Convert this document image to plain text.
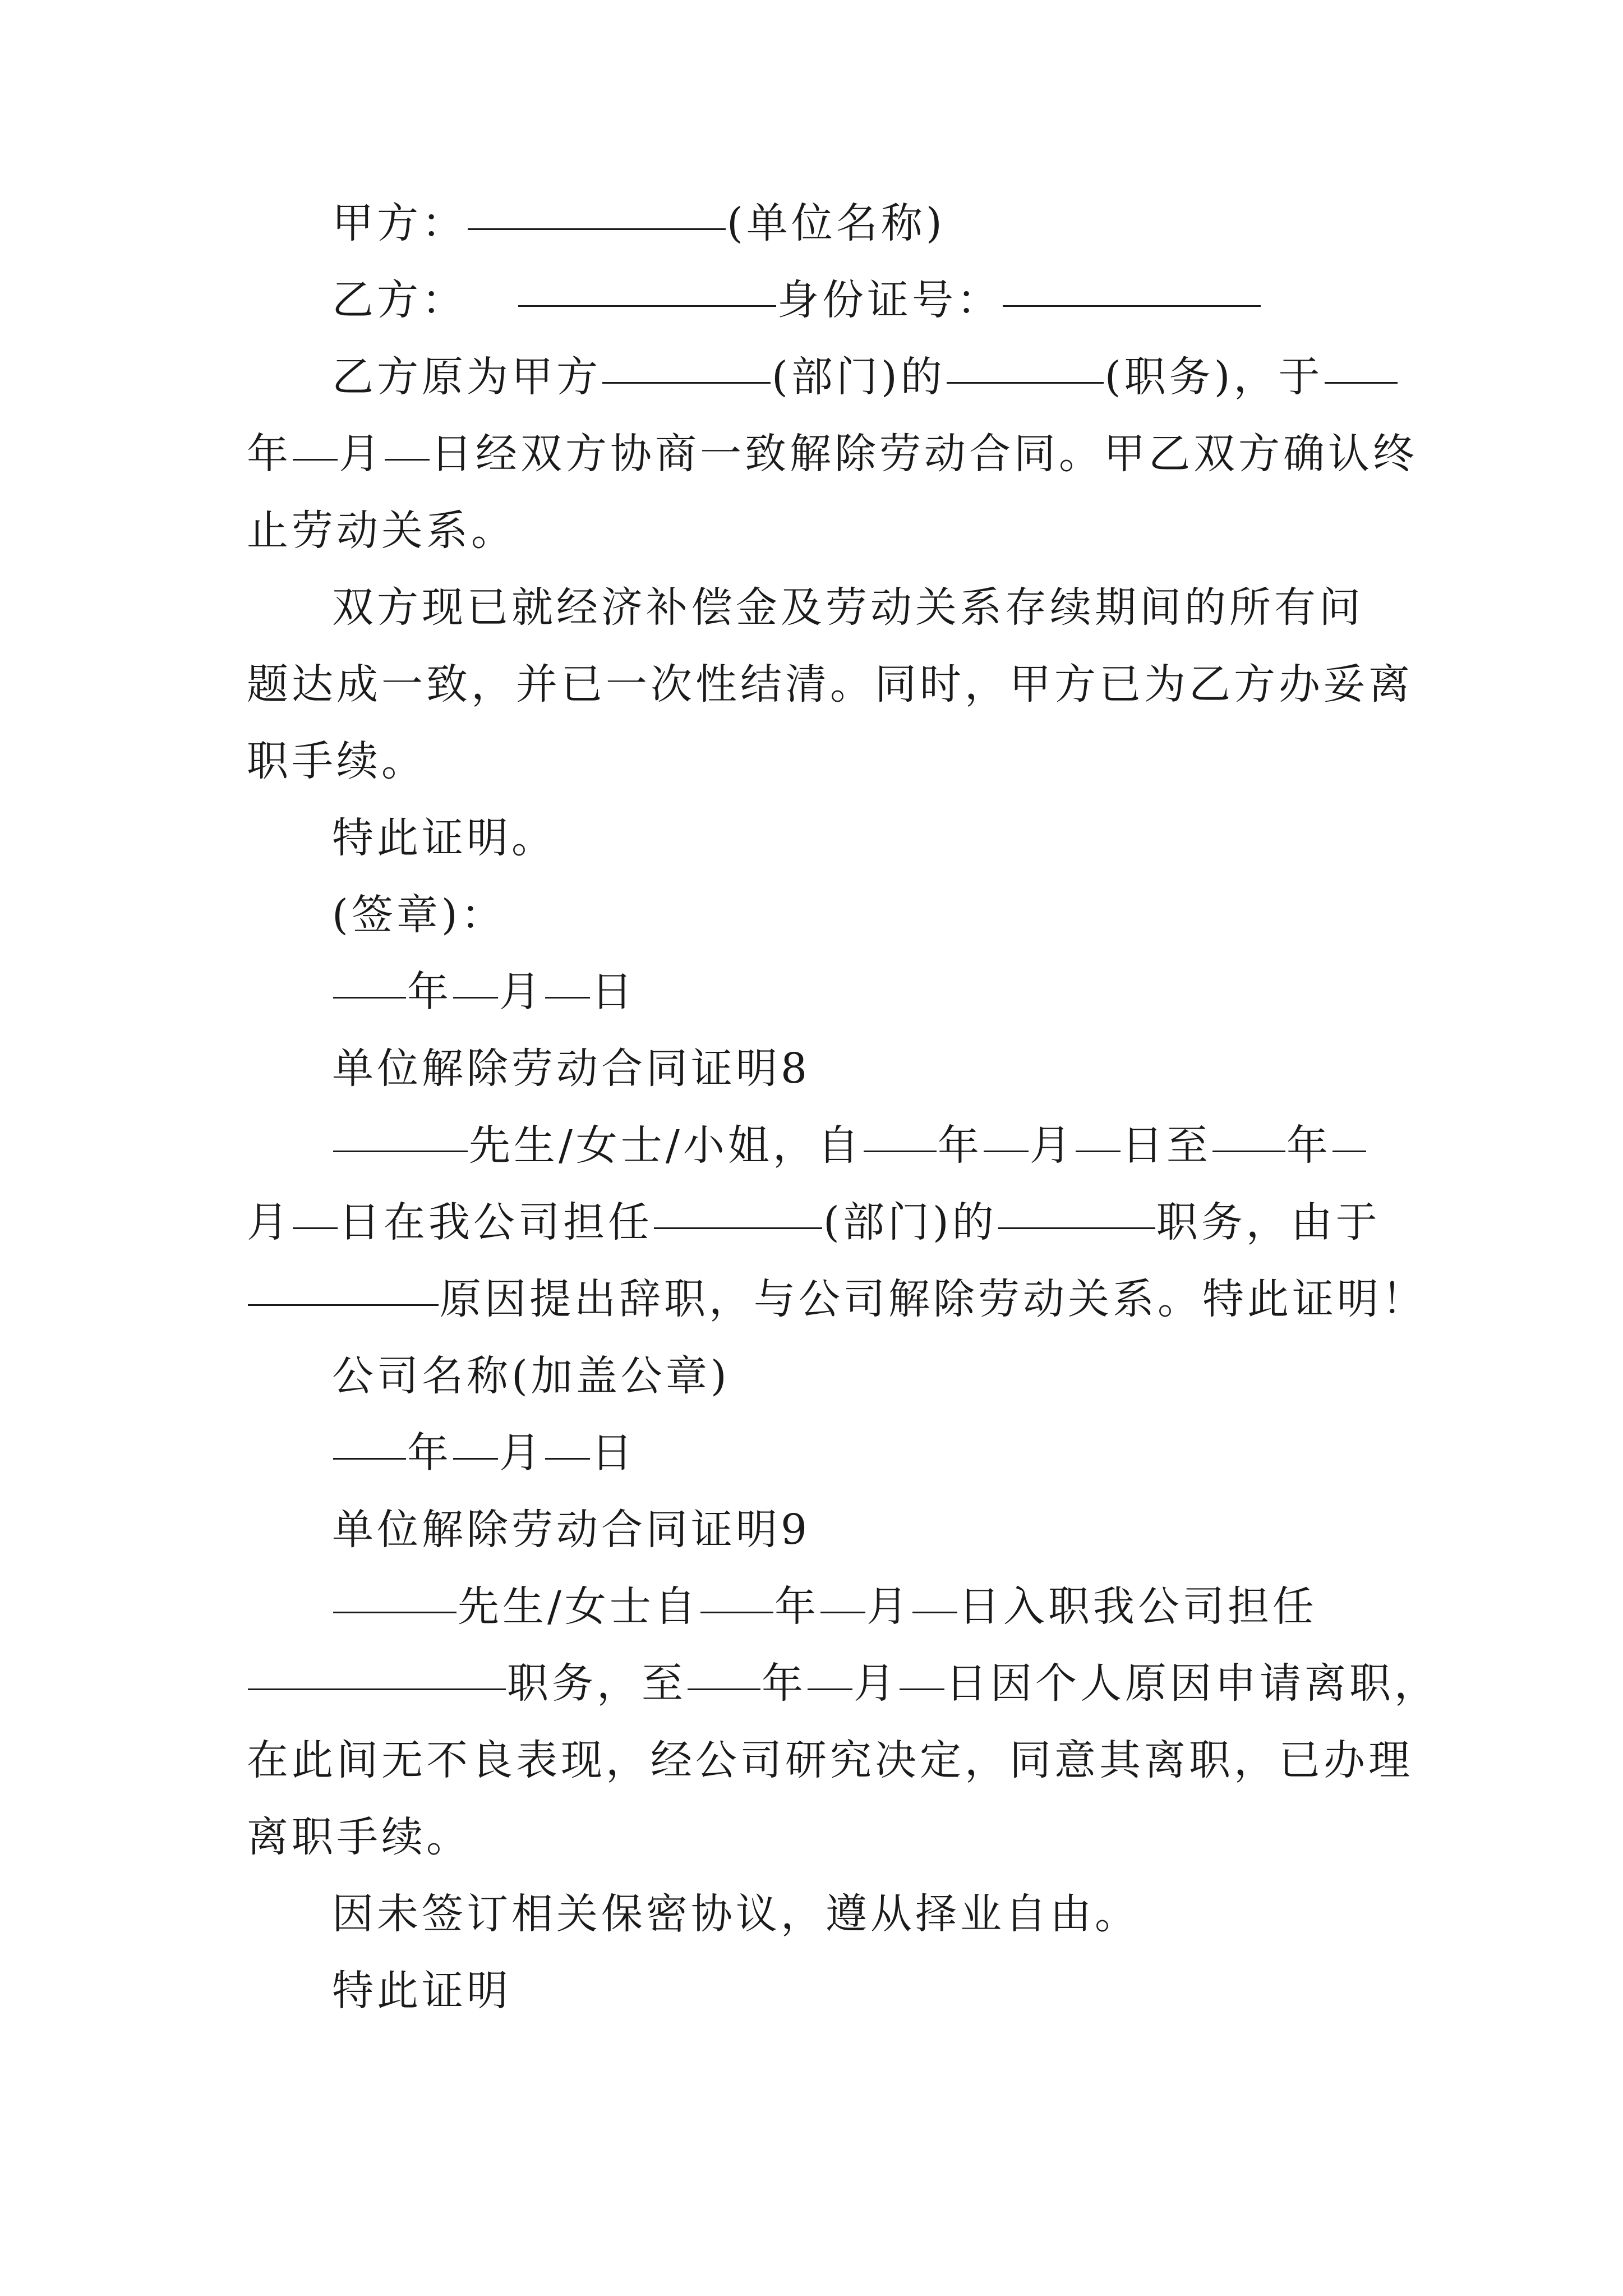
甲方：	(单位名称)
乙方：	身份证号：
乙方原为甲方	(部门)的	(职务)，于
年 月 日经双方协商一致解除劳动合同。甲乙双方确认终
止劳动关系。
双方现已就经济补偿金及劳动关系存续期间的所有问
题达成一致，并已一次性结清。同时，甲方已为乙方办妥离
职手续。
特此证明。
(签章)：
年 月 日
单位解除劳动合同证明8
先生/女士/小姐，自 年 月 日至 年
月 日在我公司担任	(部门)的	职务，由于
原因提出辞职，与公司解除劳动关系。特此证明！
公司名称(加盖公章)
年 月 日
单位解除劳动合同证明9
先生/女士自 年 月 日入职我公司担任
职务，至 年 月 日因个人原因申请离职，
在此间无不良表现，经公司研究决定，同意其离职，已办理
离职手续。
因未签订相关保密协议，遵从择业自由。
特此证明
